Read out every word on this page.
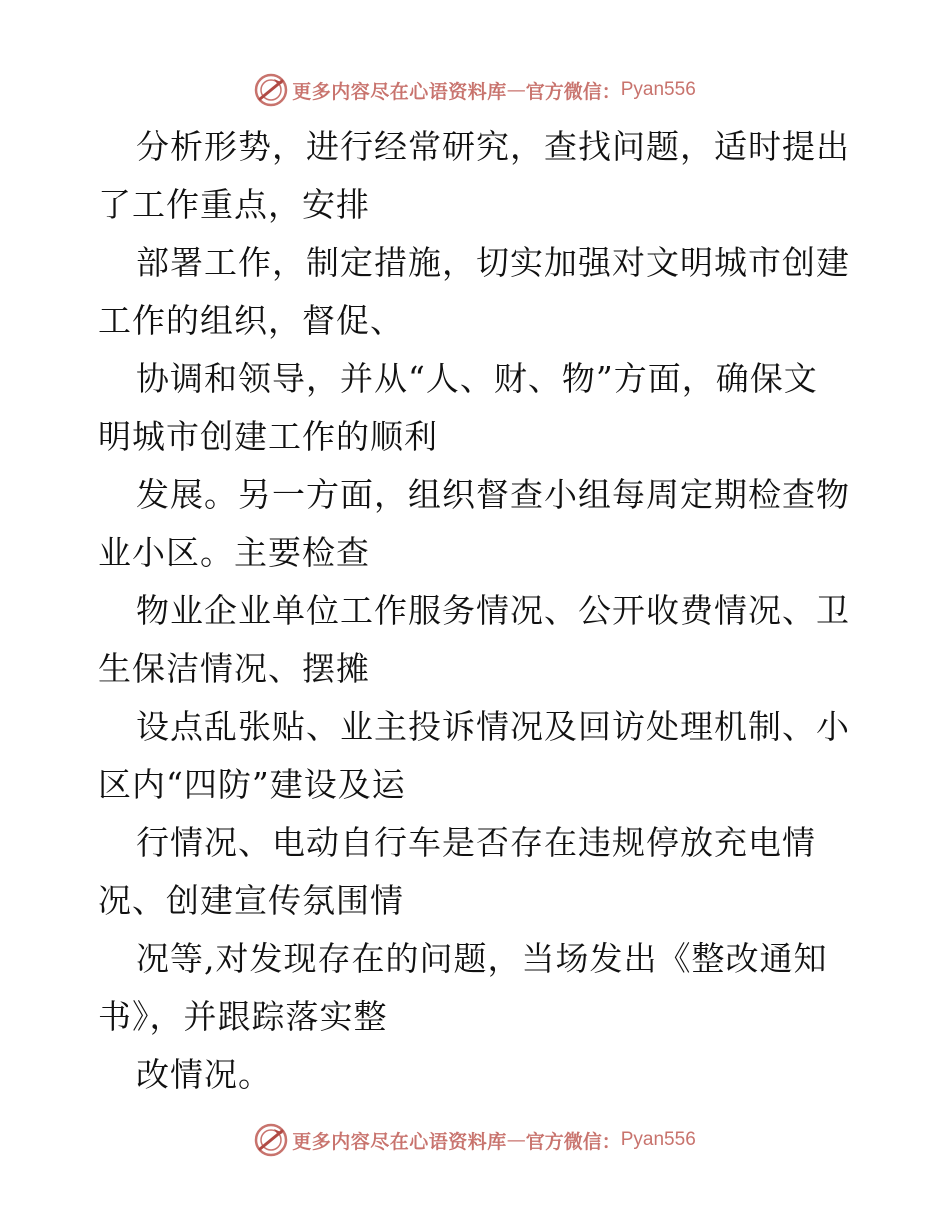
更多内容尽在心语资料库 — 官方微信： Pyan556
分析形势，进行经常研究，查找问题，适时提出
了工作重点，安排
部署工作，制定措施，切实加强对文明城市创建
工作的组织，督促、
协调和领导，并从“人、财、物”方面，确保文
明城市创建工作的顺利
发展。另一方面，组织督查小组每周定期检查物
业小区。主要检查
物业企业单位工作服务情况、公开收费情况、卫
生保洁情况、摆摊
设点乱张贴、业主投诉情况及回访处理机制、小
区内“四防”建设及运
行情况、电动自行车是否存在违规停放充电情
况、创建宣传氛围情
况等,对发现存在的问题，当场发出《整改通知
书》，并跟踪落实整
改情况。
更多内容尽在心语资料库 — 官方微信： Pyan556
